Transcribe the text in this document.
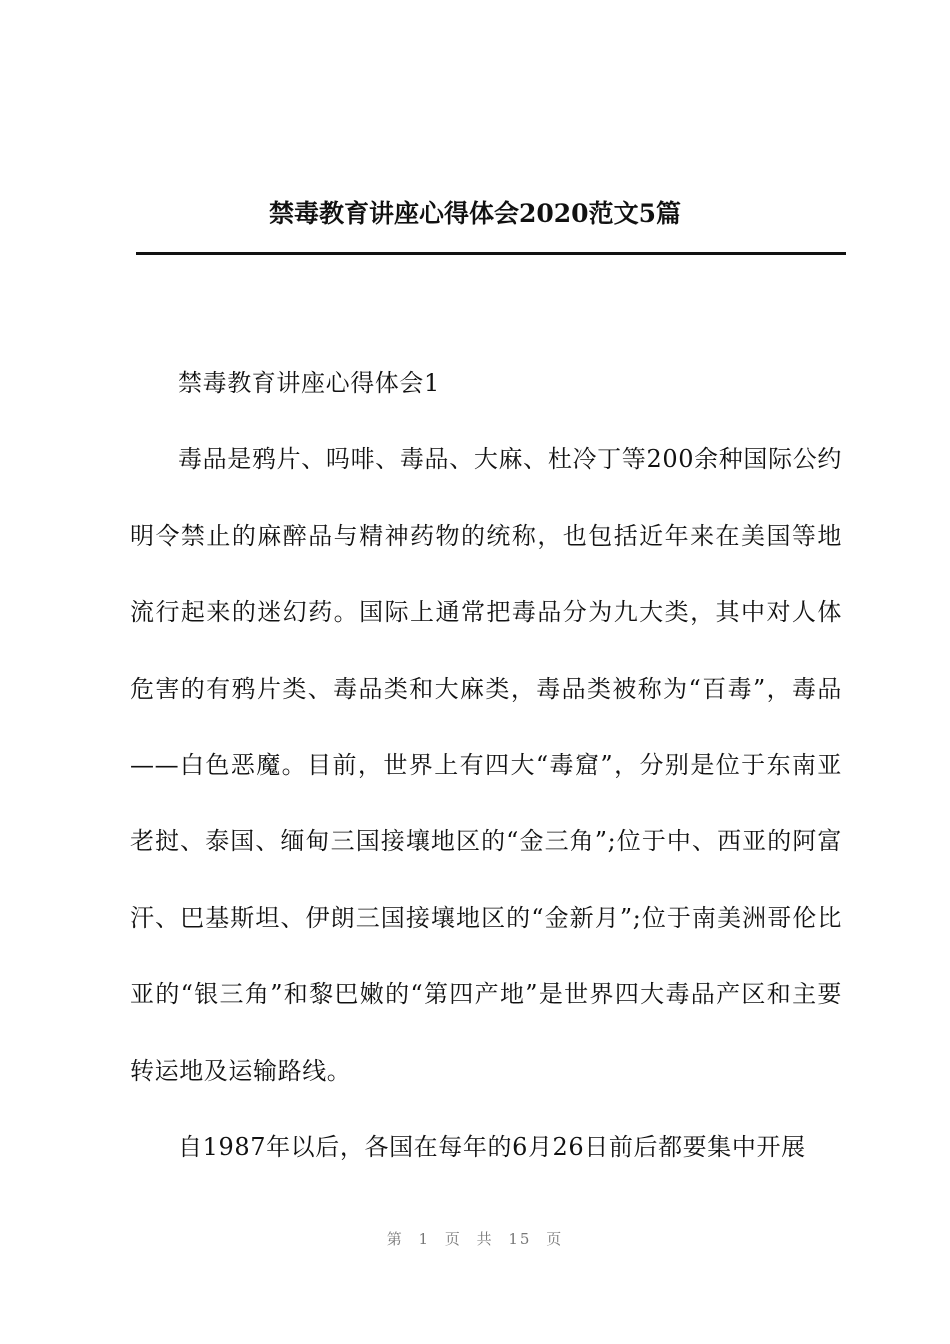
禁毒教育讲座心得体会2020范文5篇

禁毒教育讲座心得体会1

毒品是鸦片、吗啡、毒品、大麻、杜冷丁等200余种国际公约明令禁止的麻醉品与精神药物的统称，也包括近年来在美国等地流行起来的迷幻药。国际上通常把毒品分为九大类，其中对人体危害的有鸦片类、毒品类和大麻类，毒品类被称为“百毒”，毒品——白色恶魔。目前，世界上有四大“毒窟”，分别是位于东南亚老挝、泰国、缅甸三国接壤地区的“金三角”;位于中、西亚的阿富汗、巴基斯坦、伊朗三国接壤地区的“金新月”;位于南美洲哥伦比亚的“银三角”和黎巴嫩的“第四产地”是世界四大毒品产区和主要转运地及运输路线。

自1987年以后，各国在每年的6月26日前后都要集中开展

第 1 页 共 15 页
